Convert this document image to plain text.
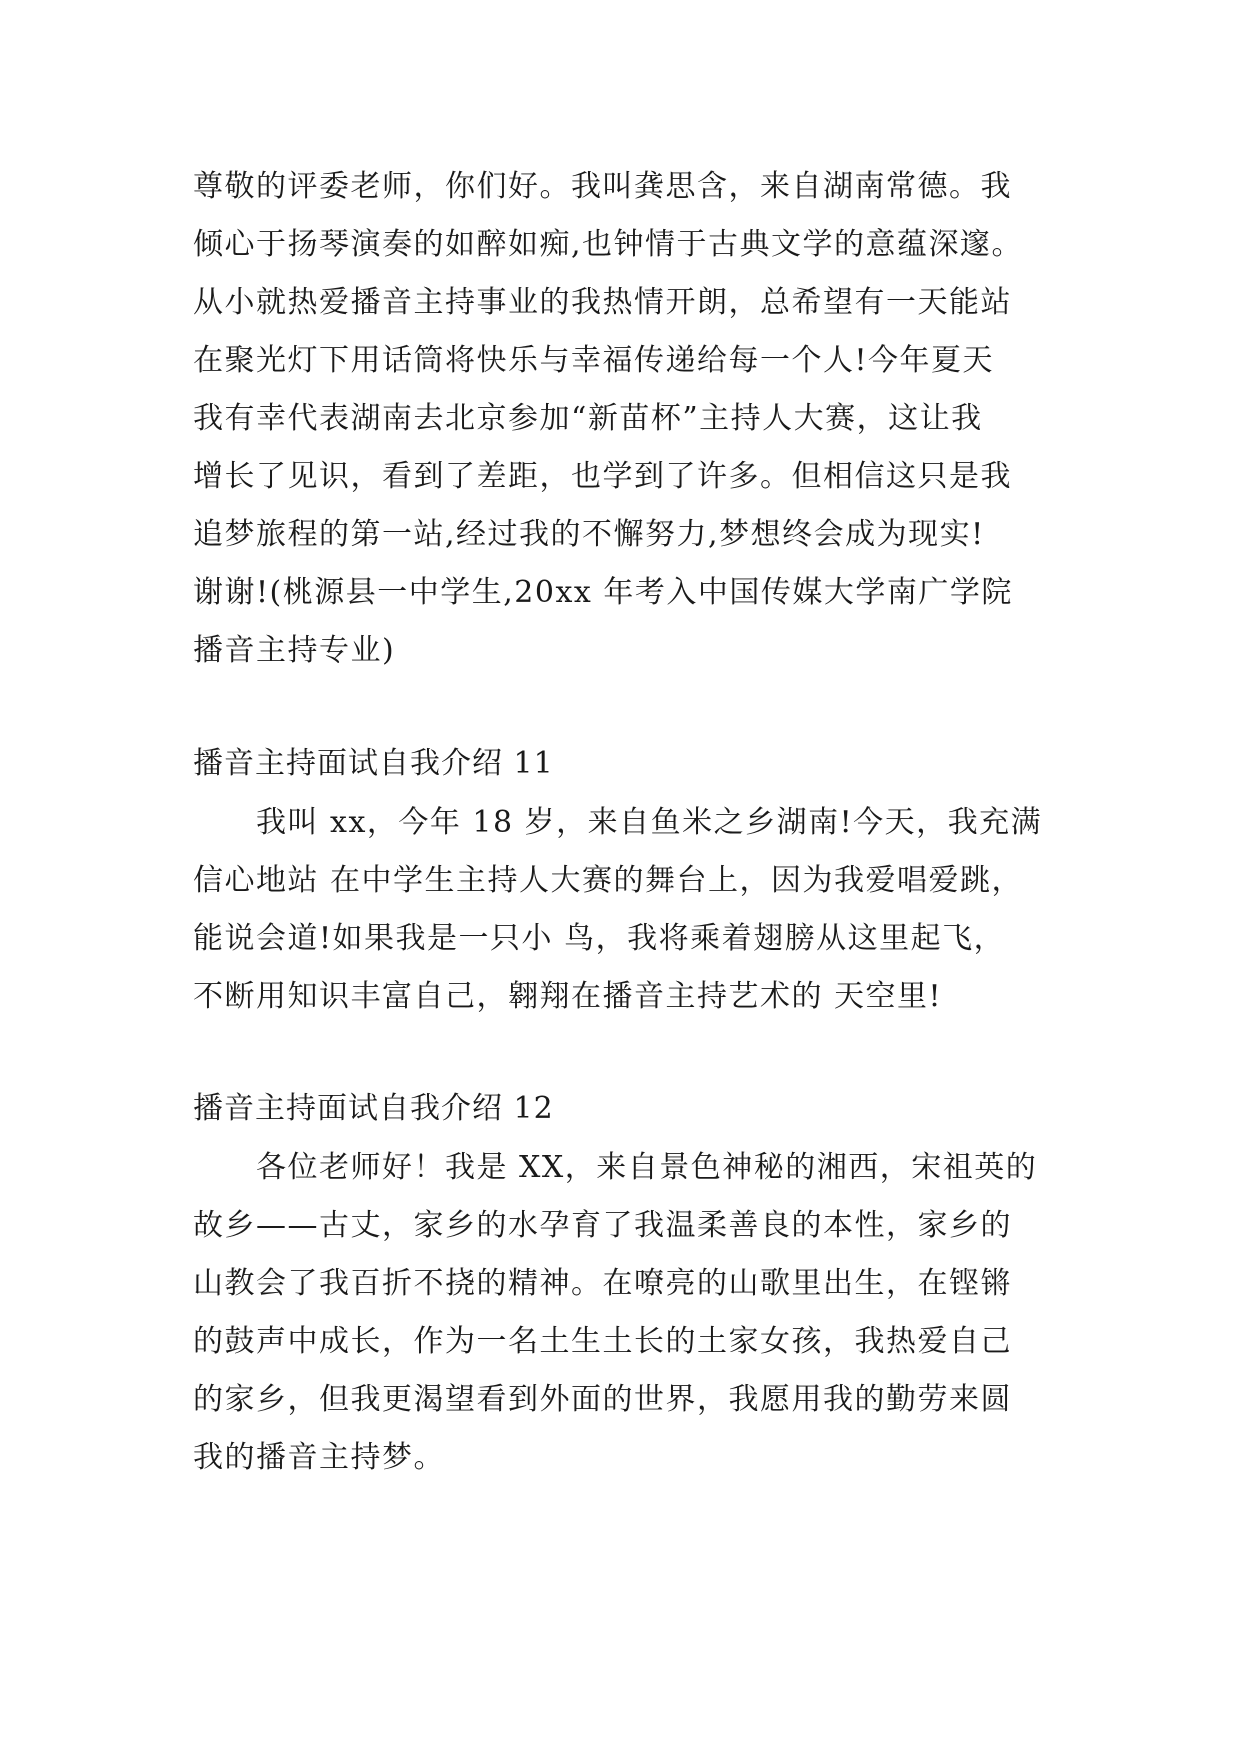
尊敬的评委老师，你们好。我叫龚思含，来自湖南常德。我

倾心于扬琴演奏的如醉如痴,也钟情于古典文学的意蕴深邃。

从小就热爱播音主持事业的我热情开朗，总希望有一天能站

在聚光灯下用话筒将快乐与幸福传递给每一个人!今年夏天

我有幸代表湖南去北京参加“新苗杯”主持人大赛，这让我

增长了见识，看到了差距，也学到了许多。但相信这只是我

追梦旅程的第一站,经过我的不懈努力,梦想终会成为现实!

谢谢!(桃源县一中学生,20xx 年考入中国传媒大学南广学院

播音主持专业)

播音主持面试自我介绍 11

我叫 xx，今年 18 岁，来自鱼米之乡湖南!今天，我充满

信心地站 在中学生主持人大赛的舞台上，因为我爱唱爱跳，

能说会道!如果我是一只小 鸟，我将乘着翅膀从这里起飞，

不断用知识丰富自己，翱翔在播音主持艺术的 天空里!

播音主持面试自我介绍 12

各位老师好！我是 XX，来自景色神秘的湘西，宋祖英的

故乡——古丈，家乡的水孕育了我温柔善良的本性，家乡的

山教会了我百折不挠的精神。在嘹亮的山歌里出生，在铿锵

的鼓声中成长，作为一名土生土长的土家女孩，我热爱自己

的家乡，但我更渴望看到外面的世界，我愿用我的勤劳来圆

我的播音主持梦。
